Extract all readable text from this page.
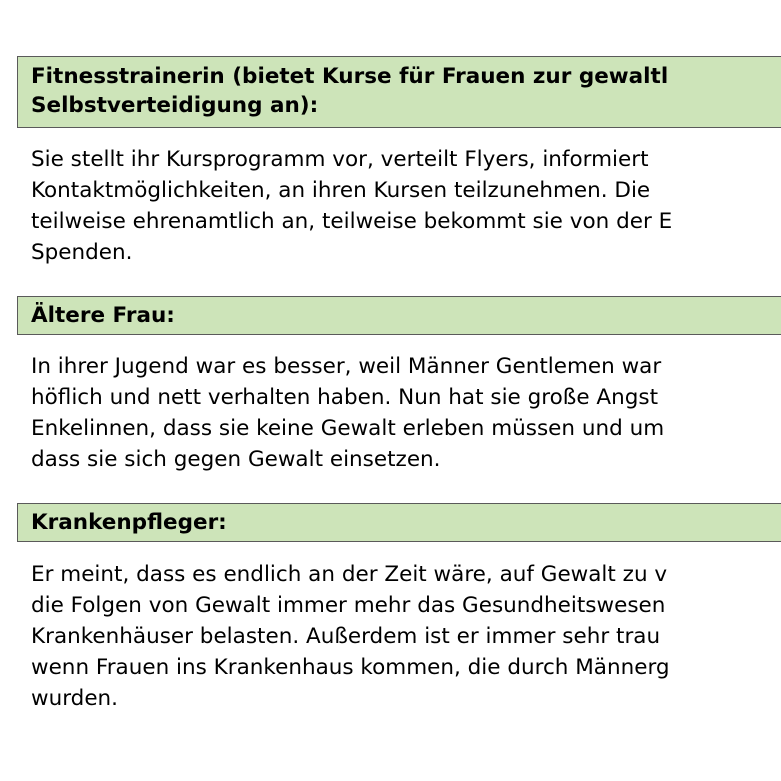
Fitnesstrainerin (bietet Kurse für Frauen zur gewaltl
Selbstverteidigung an):
Sie stellt ihr Kursprogramm vor, verteilt Flyers, informiert
Kontaktmöglichkeiten, an ihren Kursen teilzunehmen. Die
teilweise ehrenamtlich an, teilweise bekommt sie von der E
Spenden.
Ältere Frau:
In ihrer Jugend war es besser, weil Männer Gentlemen war
höflich und nett verhalten haben. Nun hat sie große Angst
Enkelinnen, dass sie keine Gewalt erleben müssen und um
dass sie sich gegen Gewalt einsetzen.
Krankenpfleger:
Er meint, dass es endlich an der Zeit wäre, auf Gewalt zu v
die Folgen von Gewalt immer mehr das Gesundheitswesen
Krankenhäuser belasten. Außerdem ist er immer sehr trau
wenn Frauen ins Krankenhaus kommen, die durch Männerg
wurden.
